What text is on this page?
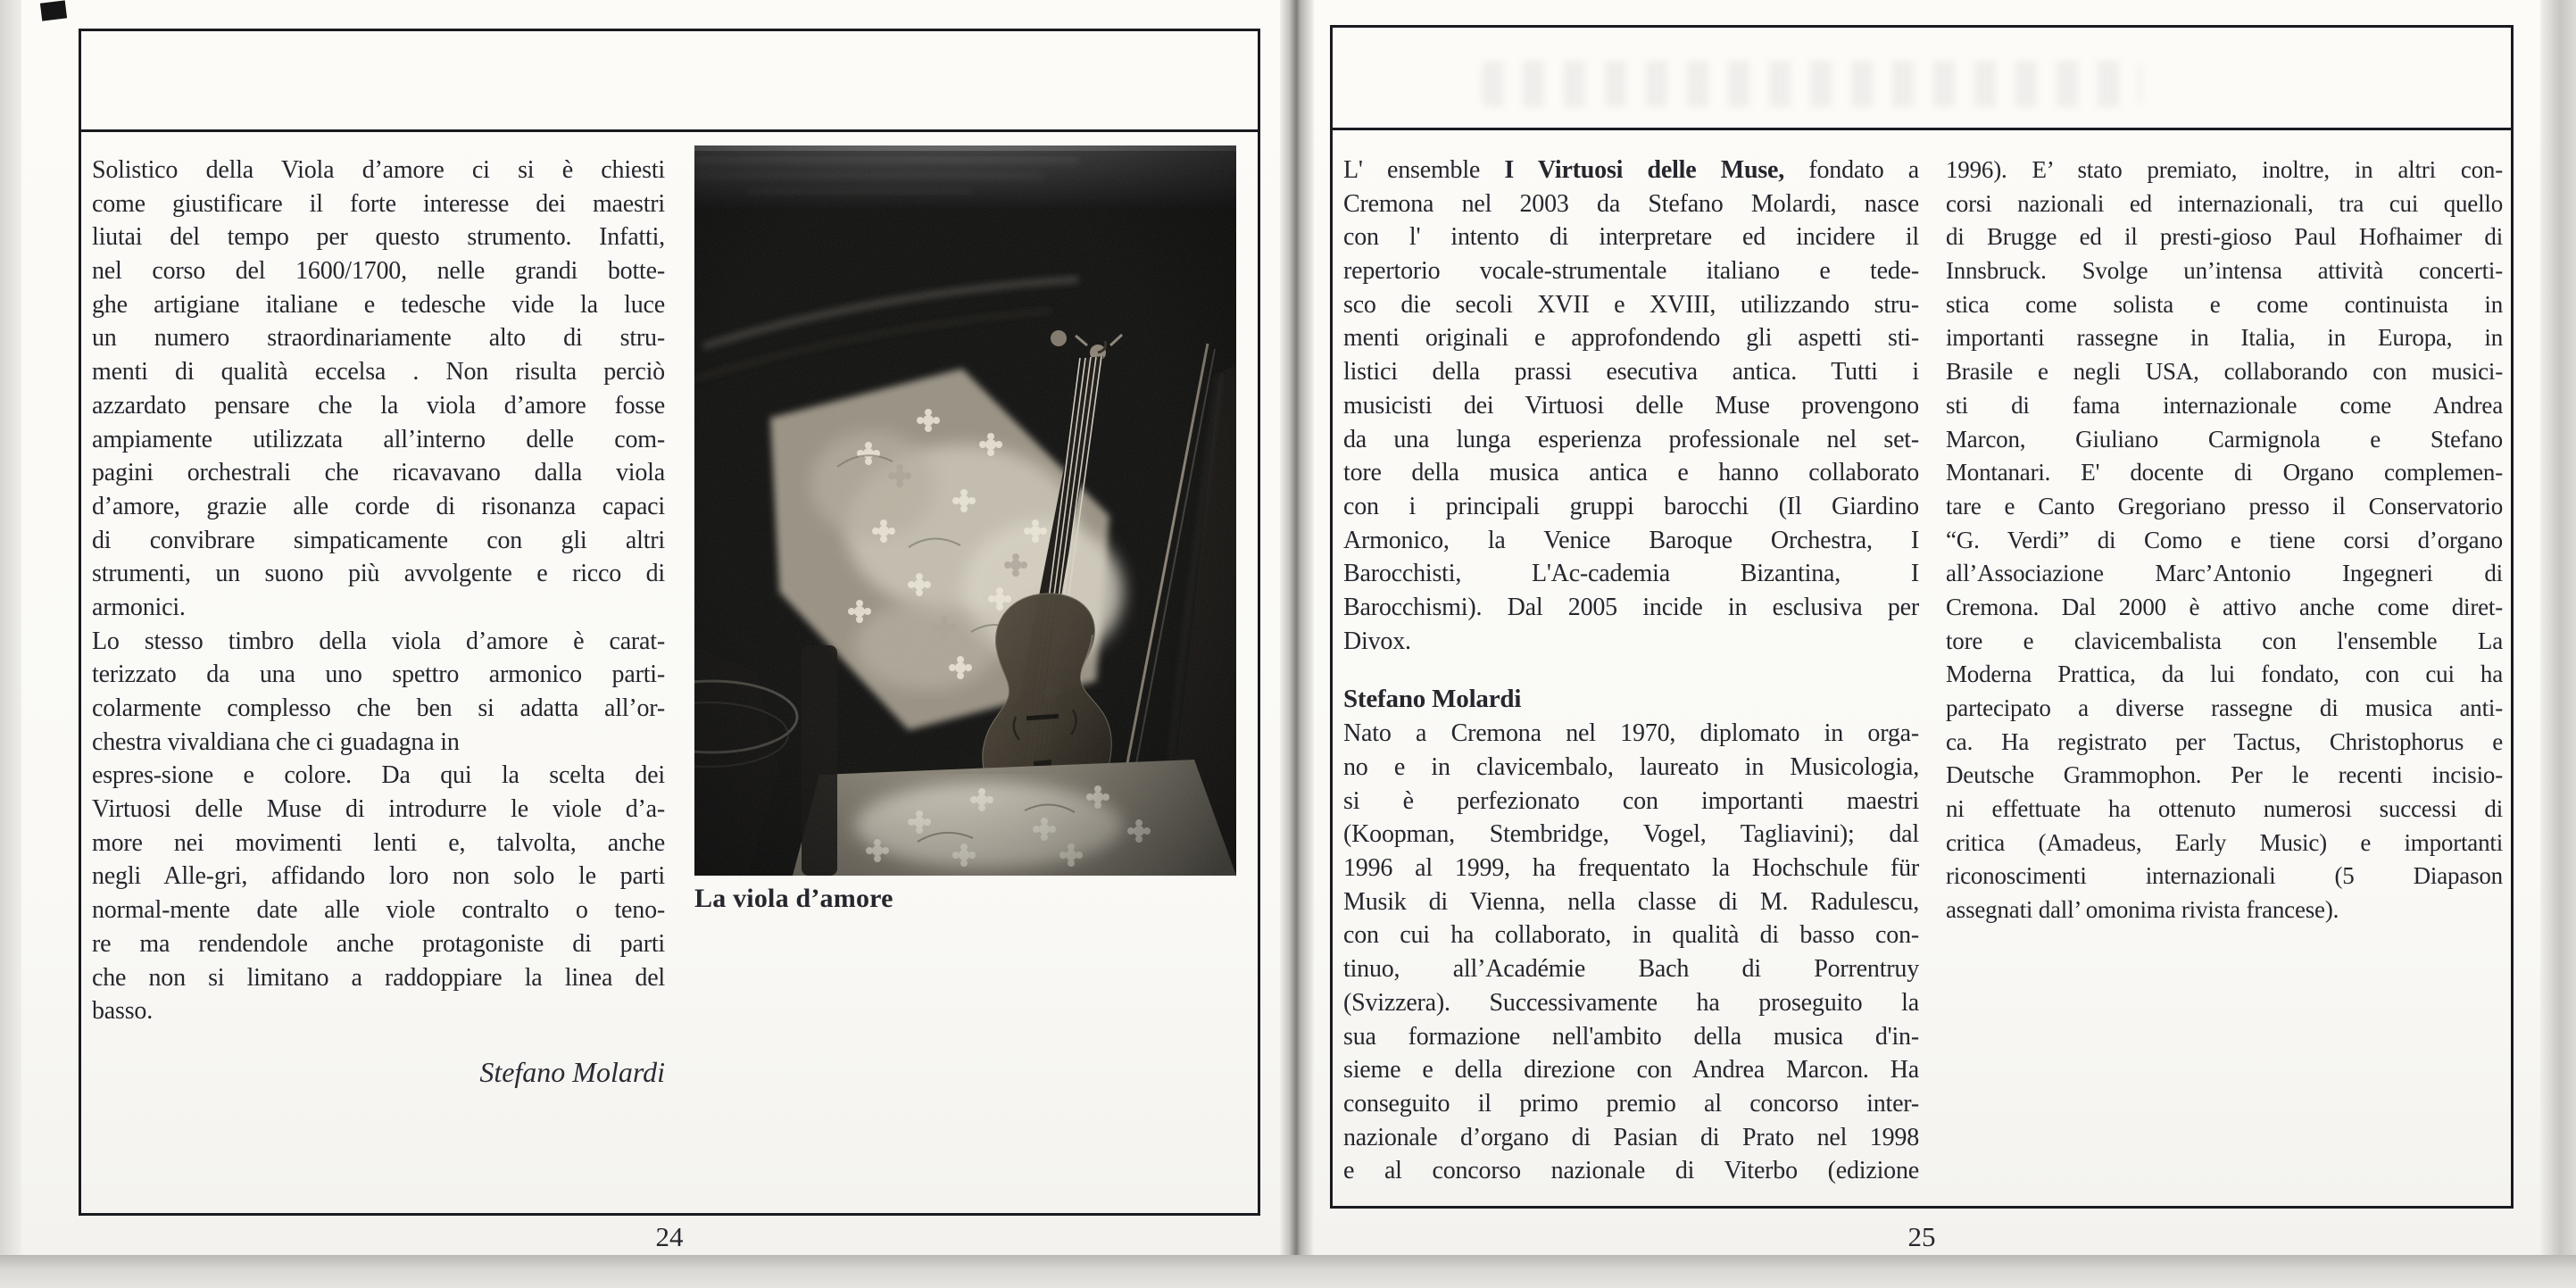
Solistico della Viola d’amore ci si è chiesti
come giustificare il forte interesse dei maestri
liutai del tempo per questo strumento. Infatti,
nel corso del 1600/1700, nelle grandi botte-
ghe artigiane italiane e tedesche vide la luce
un numero straordinariamente alto di stru-
menti di qualità eccelsa . Non risulta perciò
azzardato pensare che la viola d’amore fosse
ampiamente utilizzata all’interno delle com-
pagini orchestrali che ricavavano dalla viola
d’amore, grazie alle corde di risonanza capaci
di convibrare simpaticamente con gli altri
strumenti, un suono più avvolgente e ricco di
armonici.
Lo stesso timbro della viola d’amore è carat-
terizzato da una uno spettro armonico parti-
colarmente complesso che ben si adatta all’or-
chestra vivaldiana che ci guadagna in
espres-sione e colore. Da qui la scelta dei
Virtuosi delle Muse di introdurre le viole d’a-
more nei movimenti lenti e, talvolta, anche
negli Alle-gri, affidando loro non solo le parti
normal-mente date alle viole contralto o teno-
re ma rendendole anche protagoniste di parti
che non si limitano a raddoppiare la linea del
basso.
Stefano Molardi
La viola d’amore
L' ensemble I Virtuosi delle Muse, fondato a
Cremona nel 2003 da Stefano Molardi, nasce
con l' intento di interpretare ed incidere il
repertorio vocale-strumentale italiano e tede-
sco die secoli XVII e XVIII, utilizzando stru-
menti originali e approfondendo gli aspetti sti-
listici della prassi esecutiva antica. Tutti i
musicisti dei Virtuosi delle Muse provengono
da una lunga esperienza professionale nel set-
tore della musica antica e hanno collaborato
con i principali gruppi barocchi (Il Giardino
Armonico, la Venice Baroque Orchestra, I
Barocchisti, L'Ac-cademia Bizantina, I
Barocchismi). Dal 2005 incide in esclusiva per
Divox.
Stefano Molardi
Nato a Cremona nel 1970, diplomato in orga-
no e in clavicembalo, laureato in Musicologia,
si è perfezionato con importanti maestri
(Koopman, Stembridge, Vogel, Tagliavini); dal
1996 al 1999, ha frequentato la Hochschule für
Musik di Vienna, nella classe di M. Radulescu,
con cui ha collaborato, in qualità di basso con-
tinuo, all’Académie Bach di Porrentruy
(Svizzera). Successivamente ha proseguito la
sua formazione nell'ambito della musica d'in-
sieme e della direzione con Andrea Marcon. Ha
conseguito il primo premio al concorso inter-
nazionale d’organo di Pasian di Prato nel 1998
e al concorso nazionale di Viterbo (edizione
1996). E’ stato premiato, inoltre, in altri con-
corsi nazionali ed internazionali, tra cui quello
di Brugge ed il presti-gioso Paul Hofhaimer di
Innsbruck. Svolge un’intensa attività concerti-
stica come solista e come continuista in
importanti rassegne in Italia, in Europa, in
Brasile e negli USA, collaborando con musici-
sti di fama internazionale come Andrea
Marcon, Giuliano Carmignola e Stefano
Montanari. E' docente di Organo complemen-
tare e Canto Gregoriano presso il Conservatorio
“G. Verdi” di Como e tiene corsi d’organo
all’Associazione Marc’Antonio Ingegneri di
Cremona. Dal 2000 è attivo anche come diret-
tore e clavicembalista con l'ensemble La
Moderna Prattica, da lui fondato, con cui ha
partecipato a diverse rassegne di musica anti-
ca. Ha registrato per Tactus, Christophorus e
Deutsche Grammophon. Per le recenti incisio-
ni effettuate ha ottenuto numerosi successi di
critica (Amadeus, Early Music) e importanti
riconoscimenti internazionali (5 Diapason
assegnati dall’ omonima rivista francese).
24	25
